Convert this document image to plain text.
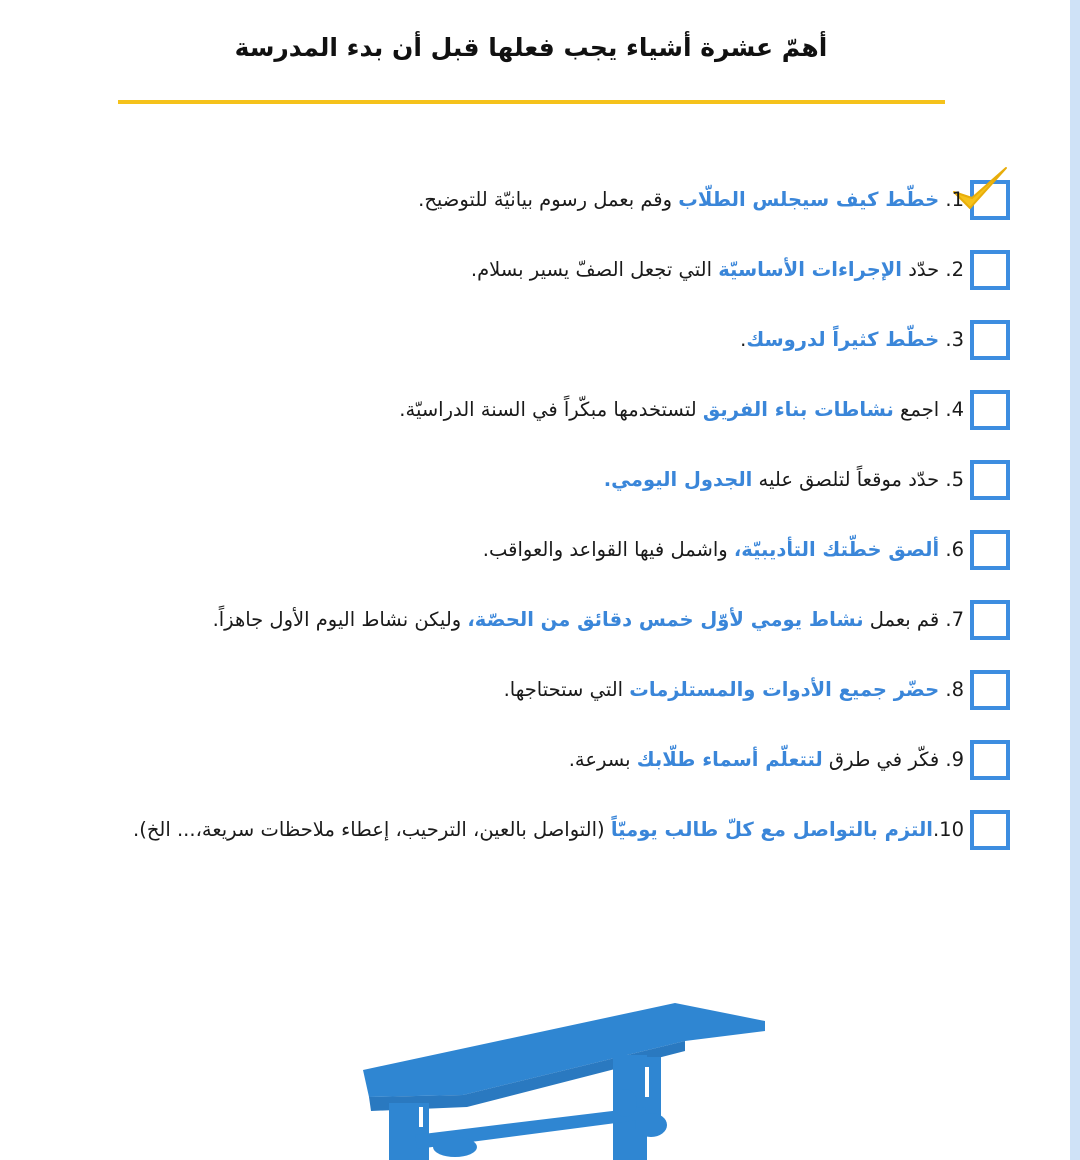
أهمّ عشرة أشياء يجب فعلها قبل أن بدء المدرسة
1. خطّط كيف سيجلس الطلّاب وقم بعمل رسوم بيانيّة للتوضيح.
2. حدّد الإجراءات الأساسيّة التي تجعل الصفّ يسير بسلام.
3. خطّط كثيراً لدروسك.
4. اجمع نشاطات بناء الفريق لتستخدمها مبكّراً في السنة الدراسيّة.
5. حدّد موقعاً لتلصق عليه الجدول اليومي.
6. ألصق خطّتك التأديبيّة، واشمل فيها القواعد والعواقب.
7. قم بعمل نشاط يومي لأوّل خمس دقائق من الحصّة، وليكن نشاط اليوم الأول جاهزاً.
8. حضّر جميع الأدوات والمستلزمات التي ستحتاجها.
9. فكّر في طرق لتتعلّم أسماء طلّابك بسرعة.
10.التزم بالتواصل مع كلّ طالب يوميّاً (التواصل بالعين، الترحيب، إعطاء ملاحظات سريعة،... الخ).
